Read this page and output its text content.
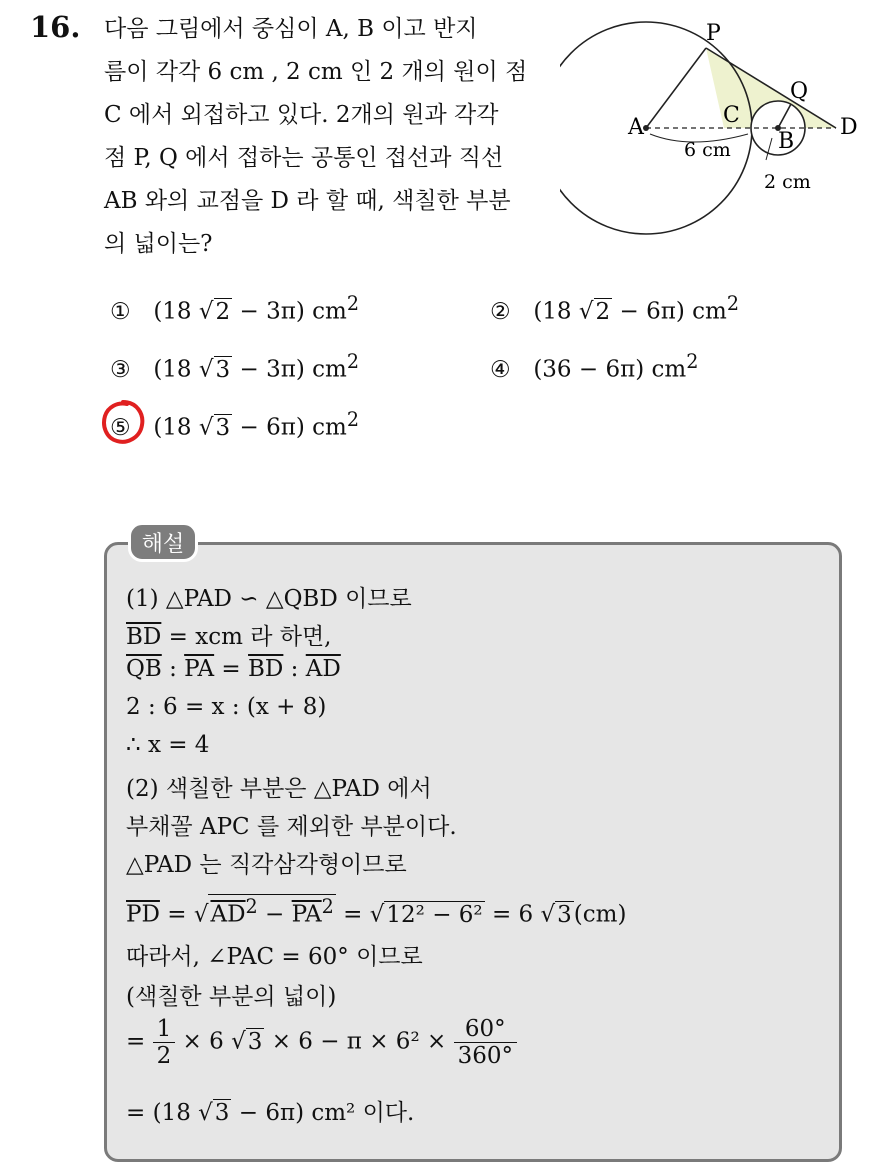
16. 다음 그림에서 중심이 A, B 이고 반지
름이 각각 6 cm , 2 cm 인 2 개의 원이 점
C 에서 외접하고 있다. 2개의 원과 각각
점 P, Q 에서 접하는 공통인 접선과 직선
AB 와의 교점을 D 라 할 때, 색칠한 부분
의 넓이는?
P
Q
A
B
C	D
6 cm
2 cm
① (18 √2 − 3π) $cm^2$	② (18 √2 − 6π) $cm^2$
③ (18 √3 − 3π) $cm^2$	④ (36 − 6π) $cm^2$
⑤ (18 √3 − 6π) $cm^2$
해설
(1) △PAD ∽ △QBD 이므로
$\overline{BD}$ = xcm 라 하면,
$\overline{QB}$ : $\overline{PA} = \overline{BD}$ : $\overline{AD}$
2 : 6 = x : (x + 8)
∴ x = 4
(2) 색칠한 부분은 △PAD 에서
부채꼴 APC 를 제외한 부분이다.
△PAD 는 직각삼각형이므로
$\overline{PD} = √AD^2 - \overline{PA}^2 = √12^2 - 6^2 = 6$ √3(cm)
따라서, ∠PAC = 60° 이므로
(색칠한 부분의 넓이)
= $\frac{1}{2} \times 6$ $√3 \times 6 - \pi \times 6^2 \times \frac{60^\circ}{360^\circ}$
= (18 √3 − 6π) cm² 이다.
